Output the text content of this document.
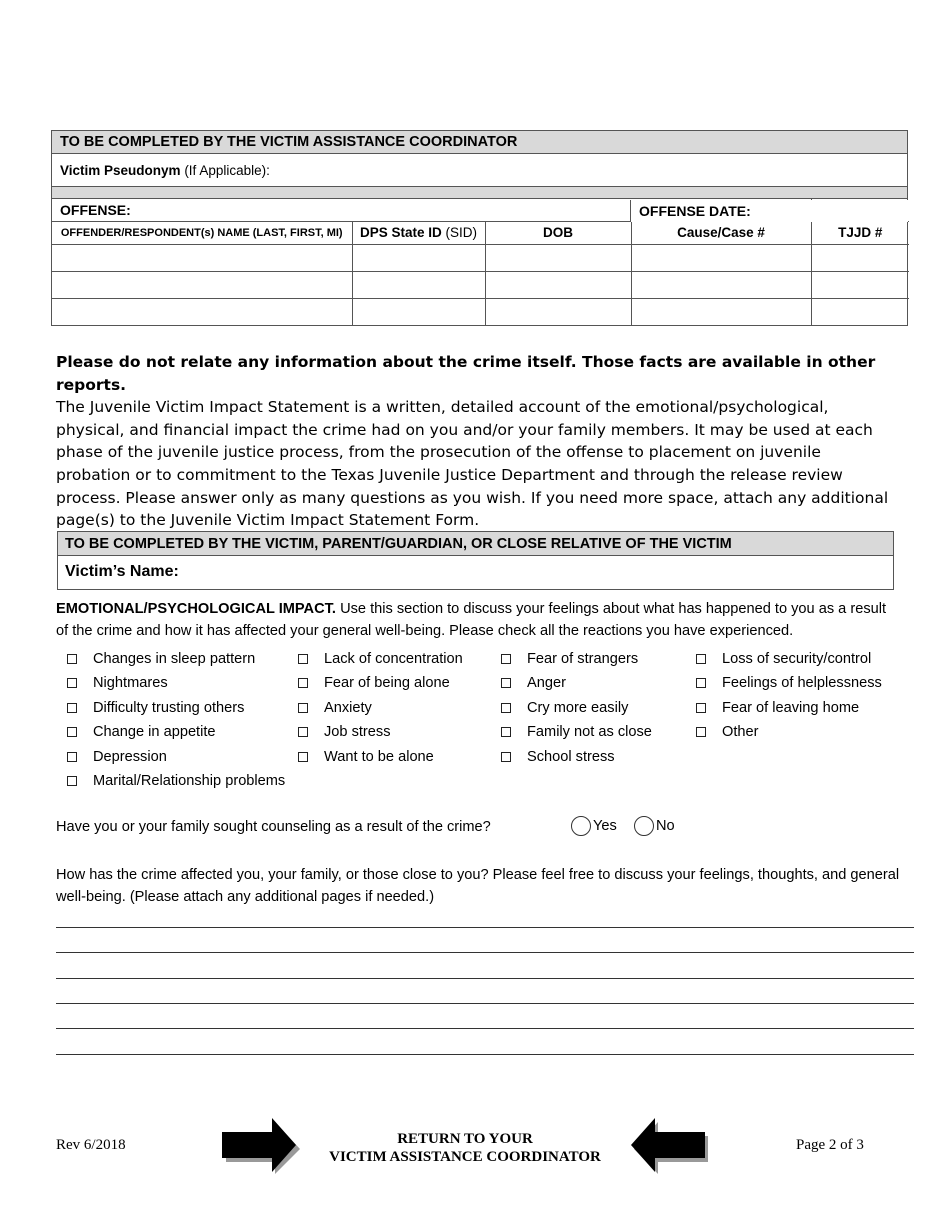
TO BE COMPLETED BY THE VICTIM ASSISTANCE COORDINATOR
Victim Pseudonym (If Applicable):
OFFENSE:			
OFFENDER/RESPONDENT(s) NAME (LAST, FIRST, MI)	DPS State ID (SID)	DOB	Cause/Case #	TJJD #

OFFENSE DATE:
Please do not relate any information about the crime itself. Those facts are available in other reports.
The Juvenile Victim Impact Statement is a written, detailed account of the emotional/psychological, physical, and financial impact the crime had on you and/or your family members. It may be used at each phase of the juvenile justice process, from the prosecution of the offense to placement on juvenile probation or to commitment to the Texas Juvenile Justice Department and through the release review process. Please answer only as many questions as you wish. If you need more space, attach any additional page(s) to the Juvenile Victim Impact Statement Form.
TO BE COMPLETED BY THE VICTIM, PARENT/GUARDIAN, OR CLOSE RELATIVE OF THE VICTIM
Victim’s Name:
EMOTIONAL/PSYCHOLOGICAL IMPACT. Use this section to discuss your feelings about what has happened to you as a result of the crime and how it has affected your general well-being. Please check all the reactions you have experienced.
Changes in sleep pattern
Nightmares
Difficulty trusting others
Change in appetite
Depression
Marital/Relationship problems
Lack of concentration
Fear of being alone
Anxiety
Job stress
Want to be alone
Fear of strangers
Anger
Cry more easily
Family not as close
School stress
Loss of security/control
Feelings of helplessness
Fear of leaving home
Other
Have you or your family sought counseling as a result of the crime?	Yes	No
How has the crime affected you, your family, or those close to you? Please feel free to discuss your feelings, thoughts, and general well-being. (Please attach any additional pages if needed.)
Rev 6/2018	RETURN TO YOUR
VICTIM ASSISTANCE COORDINATOR
Page 2 of 3
